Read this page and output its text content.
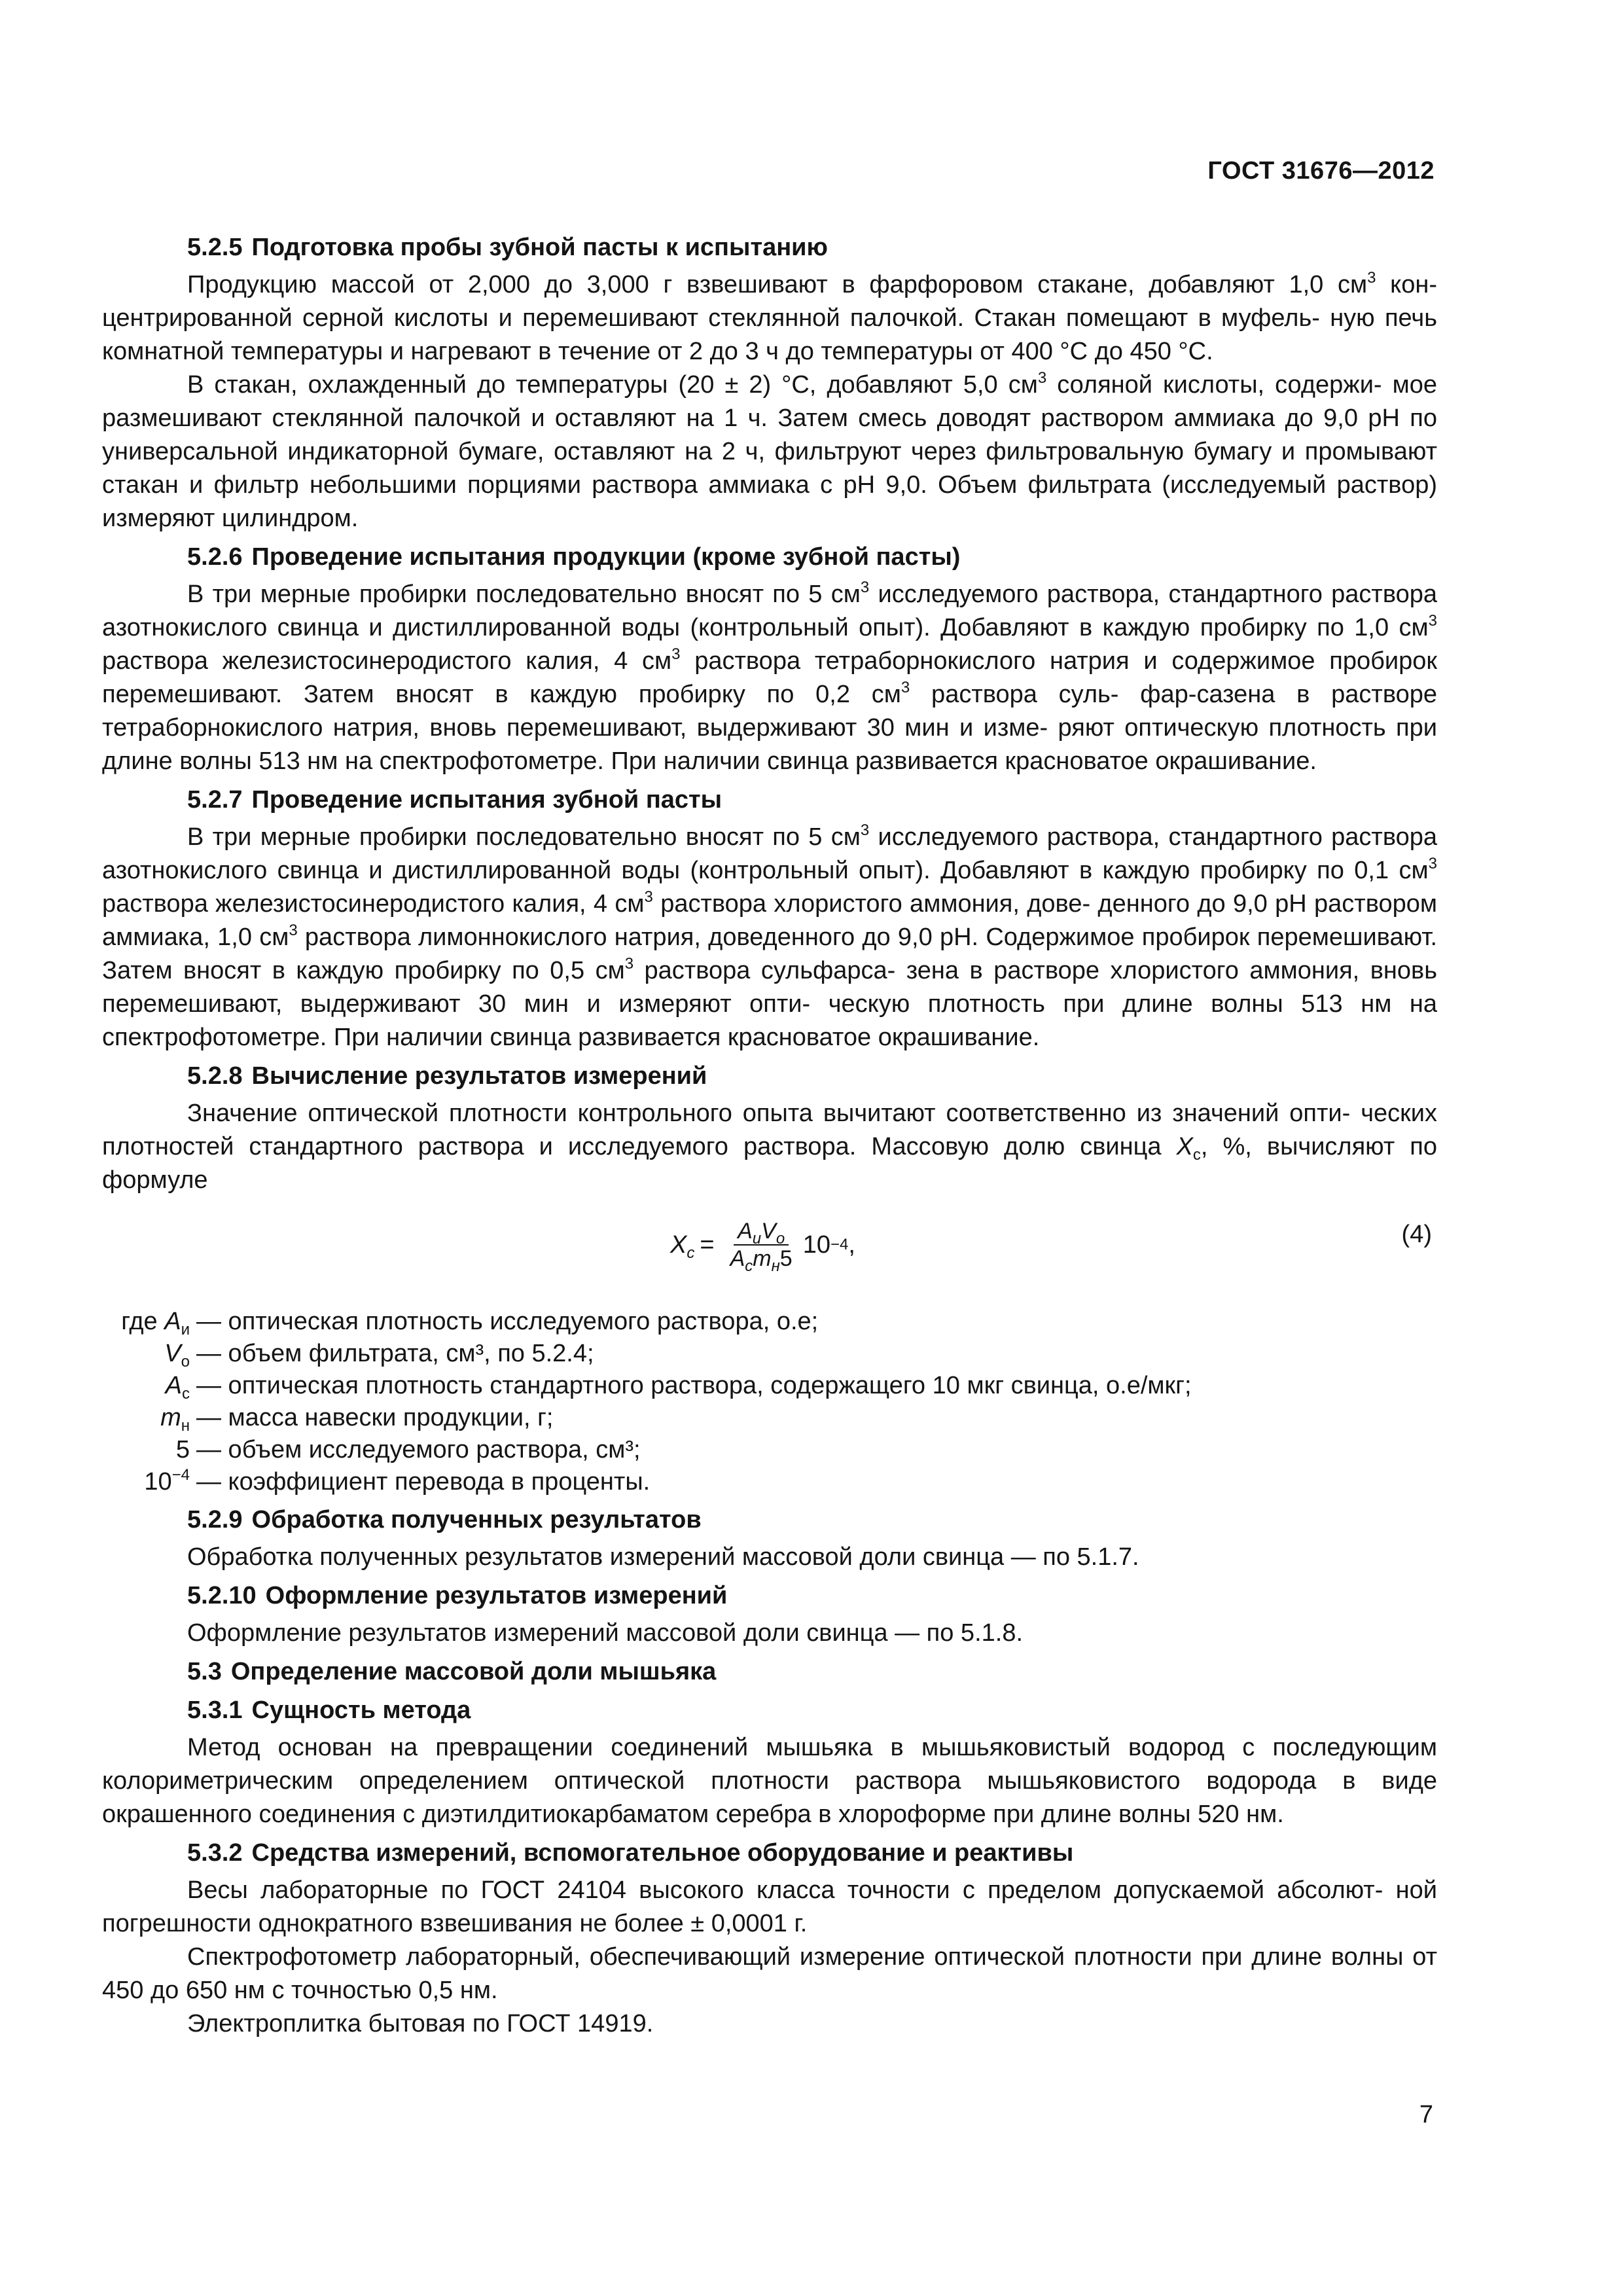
ГОСТ 31676—2012
5.2.5 Подготовка пробы зубной пасты к испытанию

Продукцию массой от 2,000 до 3,000 г взвешивают в фарфоровом стакане, добавляют 1,0 $см^3$ кон- центрированной серной кислоты и перемешивают стеклянной палочкой. Стакан помещают в муфель- ную печь комнатной температуры и нагревают в течение от 2 до 3 ч до температуры от 400 °С до 450 °С.

В стакан, охлажденный до температуры (20 ± 2) °С, добавляют 5,0 $см^3$ соляной кислоты, содержи- мое размешивают стеклянной палочкой и оставляют на 1 ч. Затем смесь доводят раствором аммиака до 9,0 рН по универсальной индикаторной бумаге, оставляют на 2 ч, фильтруют через фильтровальную бумагу и промывают стакан и фильтр небольшими порциями раствора аммиака с рН 9,0. Объем фильтрата (исследуемый раствор) измеряют цилиндром.

5.2.6 Проведение испытания продукции (кроме зубной пасты)

В три мерные пробирки последовательно вносят по 5 $см^3$ исследуемого раствора, стандартного раствора азотнокислого свинца и дистиллированной воды (контрольный опыт). Добавляют в каждую пробирку по 1,0 $см^3$ раствора железистосинеродистого калия, 4 $см^3$ раствора тетраборнокислого натрия и содержимое пробирок перемешивают. Затем вносят в каждую пробирку по 0,2 $см^3$ раствора суль- фар-сазена в растворе тетраборнокислого натрия, вновь перемешивают, выдерживают 30 мин и изме- ряют оптическую плотность при длине волны 513 нм на спектрофотометре. При наличии свинца развивается красноватое окрашивание.

5.2.7 Проведение испытания зубной пасты

В три мерные пробирки последовательно вносят по 5 $см^3$ исследуемого раствора, стандартного раствора азотнокислого свинца и дистиллированной воды (контрольный опыт). Добавляют в каждую пробирку по 0,1 $см^3$ раствора железистосинеродистого калия, 4 $см^3$ раствора хлористого аммония, дове- денного до 9,0 рН раствором аммиака, 1,0 $см^3$ раствора лимоннокислого натрия, доведенного до 9,0 рН. Содержимое пробирок перемешивают. Затем вносят в каждую пробирку по 0,5 $см^3$ раствора сульфарса- зена в растворе хлористого аммония, вновь перемешивают, выдерживают 30 мин и измеряют опти- ческую плотность при длине волны 513 нм на спектрофотометре. При наличии свинца развивается красноватое окрашивание.

5.2.8 Вычисление результатов измерений

Значение оптической плотности контрольного опыта вычитают соответственно из значений опти- ческих плотностей стандартного раствора и исследуемого раствора. Массовую долю свинца $X_c$, %, вычисляют по формуле

$X_c = \frac{A_иV_o}{A_cm_н5} 10 -4$ ,	(4)
где $A_и$ — оптическая плотность исследуемого раствора, о.е;
$V_o$ — объем фильтрата, см³, по 5.2.4;
$A_c$ — оптическая плотность стандартного раствора, содержащего 10 мкг свинца, о.е/мкг;
$m_н$ — масса навески продукции, г;
5 — объем исследуемого раствора, см³;
$10^{-4}$ — коэффициент перевода в проценты.
5.2.9 Обработка полученных результатов

Обработка полученных результатов измерений массовой доли свинца — по 5.1.7.

5.2.10 Оформление результатов измерений

Оформление результатов измерений массовой доли свинца — по 5.1.8.

5.3 Определение массовой доли мышьяка
5.3.1 Сущность метода

Метод основан на превращении соединений мышьяка в мышьяковистый водород с последующим колориметрическим определением оптической плотности раствора мышьяковистого водорода в виде окрашенного соединения с диэтилдитиокарбаматом серебра в хлороформе при длине волны 520 нм.

5.3.2 Средства измерений, вспомогательное оборудование и реактивы

Весы лабораторные по ГОСТ 24104 высокого класса точности с пределом допускаемой абсолют- ной погрешности однократного взвешивания не более ± 0,0001 г.

Спектрофотометр лабораторный, обеспечивающий измерение оптической плотности при длине волны от 450 до 650 нм с точностью 0,5 нм.

Электроплитка бытовая по ГОСТ 14919.

7
